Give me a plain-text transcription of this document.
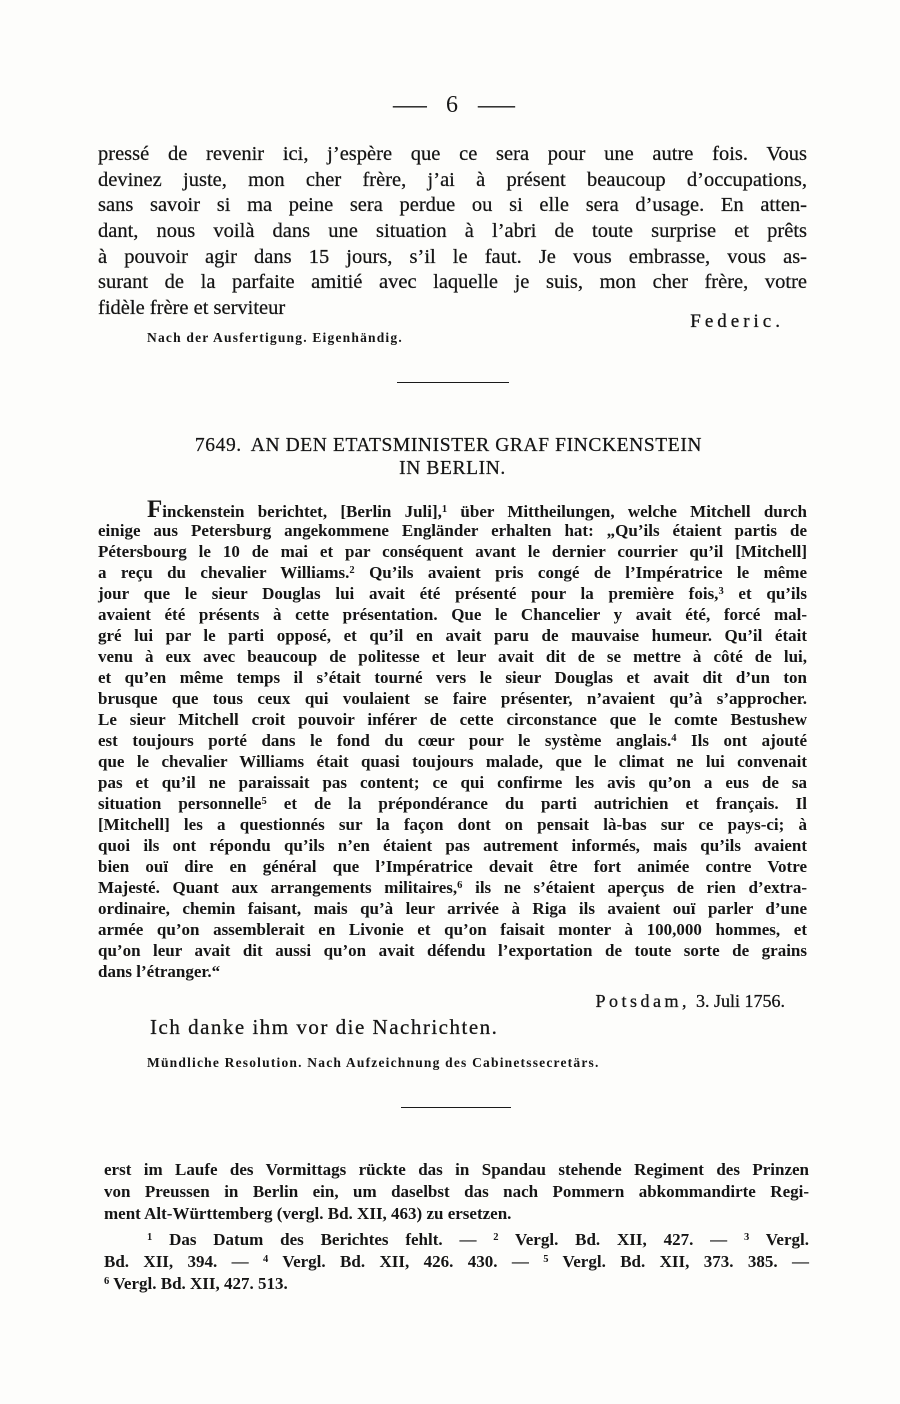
— 6 —
pressé de revenir ici, j’espère que ce sera pour une autre fois. Vous
devinez juste, mon cher frère, j’ai à présent beaucoup d’occupations,
sans savoir si ma peine sera perdue ou si elle sera d’usage. En atten-
dant, nous voilà dans une situation à l’abri de toute surprise et prêts
à pouvoir agir dans 15 jours, s’il le faut. Je vous embrasse, vous as-
surant de la parfaite amitié avec laquelle je suis, mon cher frère, votre
fidèle frère et serviteur
Federic.
Nach der Ausfertigung. Eigenhändig.
7649. AN DEN ETATSMINISTER GRAF FINCKENSTEIN
IN BERLIN.
Finckenstein berichtet, [Berlin Juli],$^1$ über Mittheilungen, welche Mitchell durch
einige aus Petersburg angekommene Engländer erhalten hat: „Qu’ils étaient partis de
Pétersbourg le 10 de mai et par conséquent avant le dernier courrier qu’il [Mitchell]
a reçu du chevalier Williams.$^2$ Qu’ils avaient pris congé de l’Impératrice le même
jour que le sieur Douglas lui avait été présenté pour la première fois,$^3$ et qu’ils
avaient été présents à cette présentation. Que le Chancelier y avait été, forcé mal-
gré lui par le parti opposé, et qu’il en avait paru de mauvaise humeur. Qu’il était
venu à eux avec beaucoup de politesse et leur avait dit de se mettre à côté de lui,
et qu’en même temps il s’était tourné vers le sieur Douglas et avait dit d’un ton
brusque que tous ceux qui voulaient se faire présenter, n’avaient qu’à s’approcher.
Le sieur Mitchell croit pouvoir inférer de cette circonstance que le comte Bestushew
est toujours porté dans le fond du cœur pour le système anglais.$^4$ Ils ont ajouté
que le chevalier Williams était quasi toujours malade, que le climat ne lui convenait
pas et qu’il ne paraissait pas content; ce qui confirme les avis qu’on a eus de sa
situation personnelle$^5$ et de la prépondérance du parti autrichien et français. Il
[Mitchell] les a questionnés sur la façon dont on pensait là-bas sur ce pays-ci; à
quoi ils ont répondu qu’ils n’en étaient pas autrement informés, mais qu’ils avaient
bien ouï dire en général que l’Impératrice devait être fort animée contre Votre
Majesté. Quant aux arrangements militaires,$^6$ ils ne s’étaient aperçus de rien d’extra-
ordinaire, chemin faisant, mais qu’à leur arrivée à Riga ils avaient ouï parler d’une
armée qu’on assemblerait en Livonie et qu’on faisait monter à 100,000 hommes, et
qu’on leur avait dit aussi qu’on avait défendu l’exportation de toute sorte de grains
dans l’étranger.“
Potsdam, 3. Juli 1756.
Ich danke ihm vor die Nachrichten.
Mündliche Resolution. Nach Aufzeichnung des Cabinetssecretärs.
erst im Laufe des Vormittags rückte das in Spandau stehende Regiment des Prinzen
von Preussen in Berlin ein, um daselbst das nach Pommern abkommandirte Regi-
ment Alt-Württemberg (vergl. Bd. XII, 463) zu ersetzen.
$^1$ Das Datum des Berichtes fehlt. — $^2$ Vergl. Bd. XII, 427. — $^3$ Vergl.
Bd. XII, 394. — $^4$ Vergl. Bd. XII, 426. 430. — $^5$ Vergl. Bd. XII, 373. 385. —
$^6$ Vergl. Bd. XII, 427. 513.
